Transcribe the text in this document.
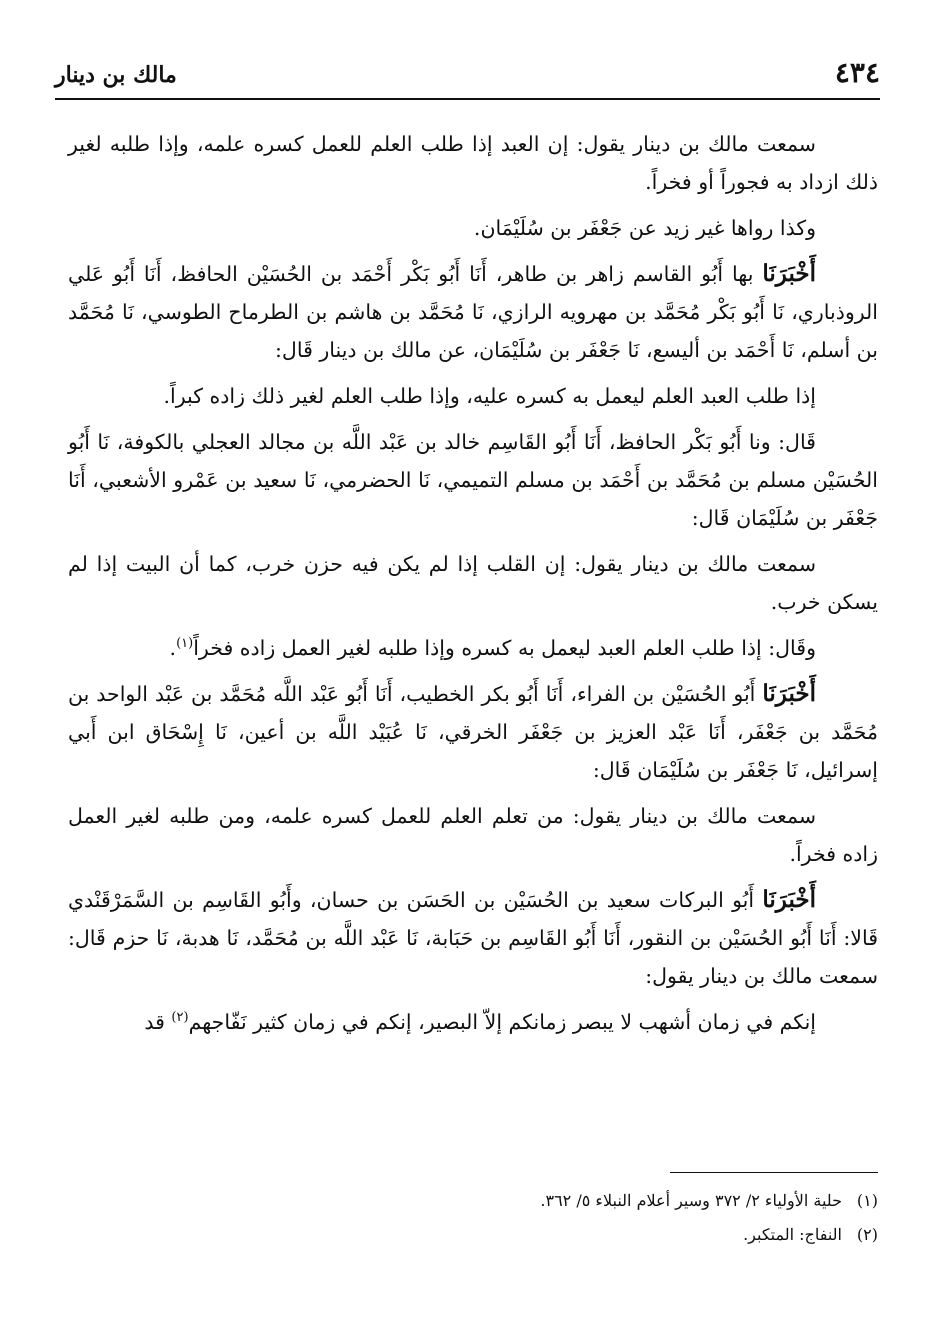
٤٣٤
مالك بن دينار

سمعت مالك بن دينار يقول: إن العبد إذا طلب العلم للعمل كسره علمه، وإذا طلبه لغير ذلك ازداد به فجوراً أو فخراً.

وكذا رواها غير زيد عن جَعْفَر بن سُلَيْمَان.

أَخْبَرَنَا بها أَبُو القاسم زاهر بن طاهر، أَنَا أَبُو بَكْر أَحْمَد بن الحُسَيْن الحافظ، أَنَا أَبُو عَلي الروذباري، نَا أَبُو بَكْر مُحَمَّد بن مهرويه الرازي، نَا مُحَمَّد بن هاشم بن الطرماح الطوسي، نَا مُحَمَّد بن أسلم، نَا أَحْمَد بن أليسع، نَا جَعْفَر بن سُلَيْمَان، عن مالك بن دينار قَال:

إذا طلب العبد العلم ليعمل به كسره عليه، وإذا طلب العلم لغير ذلك زاده كبراً.

قَال: ونا أَبُو بَكْر الحافظ، أَنَا أَبُو القَاسِم خالد بن عَبْد اللَّه بن مجالد العجلي بالكوفة، نَا أَبُو الحُسَيْن مسلم بن مُحَمَّد بن أَحْمَد بن مسلم التميمي، نَا الحضرمي، نَا سعيد بن عَمْرو الأشعبي، أَنَا جَعْفَر بن سُلَيْمَان قَال:

سمعت مالك بن دينار يقول: إن القلب إذا لم يكن فيه حزن خرب، كما أن البيت إذا لم يسكن خرب.

وقَال: إذا طلب العلم العبد ليعمل به كسره وإذا طلبه لغير العمل زاده فخراً$^{(١)}$.

أَخْبَرَنَا أَبُو الحُسَيْن بن الفراء، أَنَا أَبُو بكر الخطيب، أَنَا أَبُو عَبْد اللَّه مُحَمَّد بن عَبْد الواحد بن مُحَمَّد بن جَعْفَر، أَنَا عَبْد العزيز بن جَعْفَر الخرقي، نَا عُبَيْد اللَّه بن أعين، نَا إِسْحَاق ابن أَبي إسرائيل، نَا جَعْفَر بن سُلَيْمَان قَال:

سمعت مالك بن دينار يقول: من تعلم العلم للعمل كسره علمه، ومن طلبه لغير العمل زاده فخراً.

أَخْبَرَنَا أَبُو البركات سعيد بن الحُسَيْن بن الحَسَن بن حسان، وأَبُو القَاسِم بن السَّمَرْقَنْدي قَالا: أَنَا أَبُو الحُسَيْن بن النقور، أَنَا أَبُو القَاسِم بن حَبَابة، نَا عَبْد اللَّه بن مُحَمَّد، نَا هدبة، نَا حزم قَال: سمعت مالك بن دينار يقول:

إنكم في زمان أشهب لا يبصر زمانكم إلاّ البصير، إنكم في زمان كثير نَفّاجهم$^{(٢)}$ قد

(١)حلية الأولياء ٢/ ٣٧٢ وسير أعلام النبلاء ٥/ ٣٦٢.

(٢)النفاج: المتكبر.
